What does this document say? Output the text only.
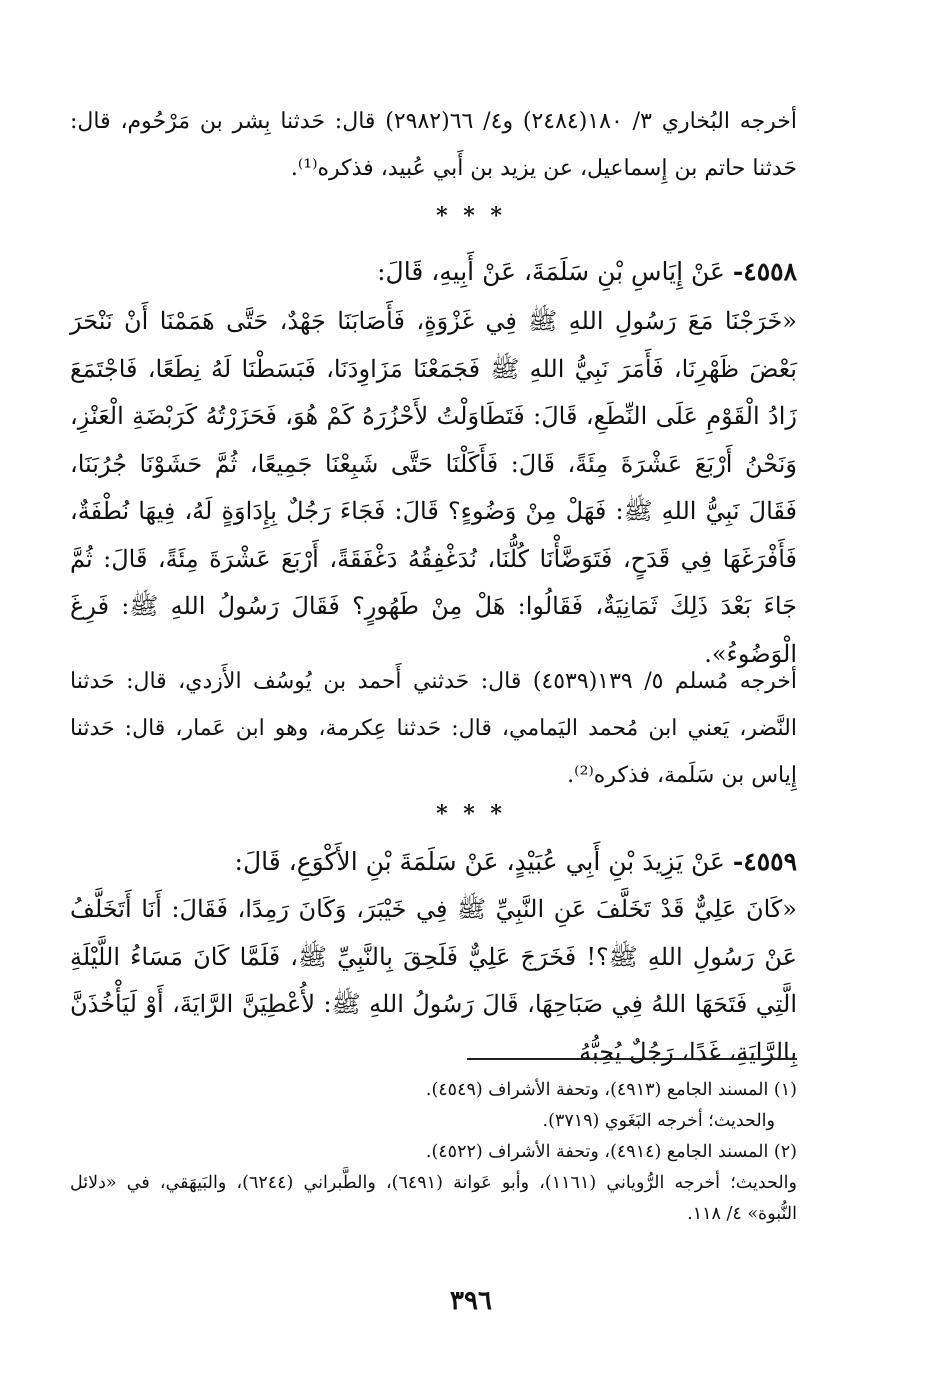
أخرجه البُخاري ٣/ ١٨٠(٢٤٨٤) و٤/ ٦٦(٢٩٨٢) قال: حَدثنا بِشر بن مَرْحُوم، قال: حَدثنا حاتم بن إِسماعيل، عن يزيد بن أَبي عُبيد، فذكره⁽¹⁾.

* * *
٤٥٥٨- عَنْ إِيَاسِ بْنِ سَلَمَةَ، عَنْ أَبِيهِ، قَالَ:

«خَرَجْنَا مَعَ رَسُولِ اللهِ ﷺ فِي غَزْوَةٍ، فَأَصَابَنَا جَهْدٌ، حَتَّى هَمَمْنَا أَنْ نَنْحَرَ بَعْضَ ظَهْرِنَا، فَأَمَرَ نَبِيُّ اللهِ ﷺ فَجَمَعْنَا مَزَاوِدَنَا، فَبَسَطْنَا لَهُ نِطَعًا، فَاجْتَمَعَ زَادُ الْقَوْمِ عَلَى النِّطَعِ، قَالَ: فَتَطَاوَلْتُ لأَحْزُرَهُ كَمْ هُوَ، فَحَزَرْتُهُ كَرَبْضَةِ الْعَنْزِ، وَنَحْنُ أَرْبَعَ عَشْرَةَ مِئَةً، قَالَ: فَأَكَلْنَا حَتَّى شَبِعْنَا جَمِيعًا، ثُمَّ حَشَوْنَا جُرُبَنَا، فَقَالَ نَبِيُّ اللهِ ﷺ: فَهَلْ مِنْ وَضُوءٍ؟ قَالَ: فَجَاءَ رَجُلٌ بِإِدَاوَةٍ لَهُ، فِيهَا نُطْفَةٌ، فَأَفْرَغَهَا فِي قَدَحٍ، فَتَوَضَّأْنَا كُلُّنَا، نُدَغْفِقُهُ دَغْفَقَةً، أَرْبَعَ عَشْرَةَ مِئَةً، قَالَ: ثُمَّ جَاءَ بَعْدَ ذَلِكَ ثَمَانِيَةٌ، فَقَالُوا: هَلْ مِنْ طَهُورٍ؟ فَقَالَ رَسُولُ اللهِ ﷺ: فَرِغَ الْوَضُوءُ».

أخرجه مُسلم ٥/ ١٣٩(٤٥٣٩) قال: حَدثني أَحمد بن يُوسُف الأَزدي، قال: حَدثنا النَّضر، يَعني ابن مُحمد اليَمامي، قال: حَدثنا عِكرمة، وهو ابن عَمار، قال: حَدثنا إِياس بن سَلَمة، فذكره⁽²⁾.

* * *
٤٥٥٩- عَنْ يَزِيدَ بْنِ أَبِي عُبَيْدٍ، عَنْ سَلَمَةَ بْنِ الأَكْوَعِ، قَالَ:

«كَانَ عَلِيٌّ قَدْ تَخَلَّفَ عَنِ النَّبِيِّ ﷺ فِي خَيْبَرَ، وَكَانَ رَمِدًا، فَقَالَ: أَنَا أَتَخَلَّفُ عَنْ رَسُولِ اللهِ ﷺ؟! فَخَرَجَ عَلِيٌّ فَلَحِقَ بِالنَّبِيِّ ﷺ، فَلَمَّا كَانَ مَسَاءُ اللَّيْلَةِ الَّتِي فَتَحَهَا اللهُ فِي صَبَاحِهَا، قَالَ رَسُولُ اللهِ ﷺ: لأُعْطِيَنَّ الرَّايَةَ، أَوْ لَيَأْخُذَنَّ بِالرَّايَةِ، غَدًا، رَجُلٌ يُحِبُّهُ

(١) المسند الجامع (٤٩١٣)، وتحفة الأشراف (٤٥٤٩).

والحديث؛ أخرجه البَغَوي (٣٧١٩).

(٢) المسند الجامع (٤٩١٤)، وتحفة الأشراف (٤٥٢٢).

والحديث؛ أخرجه الرُّوياني (١١٦١)، وأبو عَوانة (٦٤٩١)، والطَّبراني (٦٢٤٤)، والبَيهَقي، في «دلائل النُّبوة» ٤/ ١١٨.

٣٩٦
